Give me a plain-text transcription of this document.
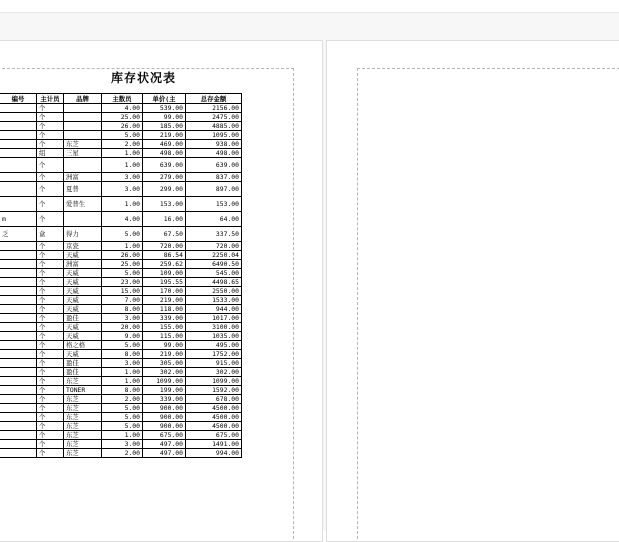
库存状况表
编号	主计员	品牌	主数员	单价(主	总存金额
	个		4.00	539.00	2156.00
	个		25.00	99.00	2475.00
	个		26.00	185.00	4885.00
	个		5.00	219.00	1095.00
	个	东芝	2.00	469.00	938.00
	组	三星	1.00	498.00	498.00
	个		1.00	639.00	639.00
	个	洲富	3.00	279.00	837.00
	个	夏普	3.00	299.00	897.00
	个	爱普生	1.00	153.00	153.00
m	个		4.00	16.00	64.00
乏	盒	得力	5.00	67.50	337.50
	个	京瓷	1.00	720.00	720.00
	个	天威	26.00	86.54	2250.04
	个	洲富	25.00	259.62	6490.50
	个	天威	5.00	109.00	545.00
	个	天威	23.00	195.55	4498.65
	个	天威	15.00	170.00	2550.00
	个	天威	7.00	219.00	1533.00
	个	天威	8.00	118.00	944.00
	个	盈佳	3.00	339.00	1017.00
	个	天威	20.00	155.00	3100.00
	个	天威	9.00	115.00	1035.00
	个	格之格	5.00	99.00	495.00
	个	天威	8.00	219.00	1752.00
	个	盈佳	3.00	305.00	915.00
	个	盈佳	1.00	302.00	302.00
	个	东芝	1.00	1099.00	1099.00
	个	TONER	8.00	199.00	1592.00
	个	东芝	2.00	339.00	678.00
	个	东芝	5.00	900.00	4500.00
	个	东芝	5.00	900.00	4500.00
	个	东芝	5.00	900.00	4500.00
	个	东芝	1.00	675.00	675.00
	个	东芝	3.00	497.00	1491.00
	个	东芝	2.00	497.00	994.00
